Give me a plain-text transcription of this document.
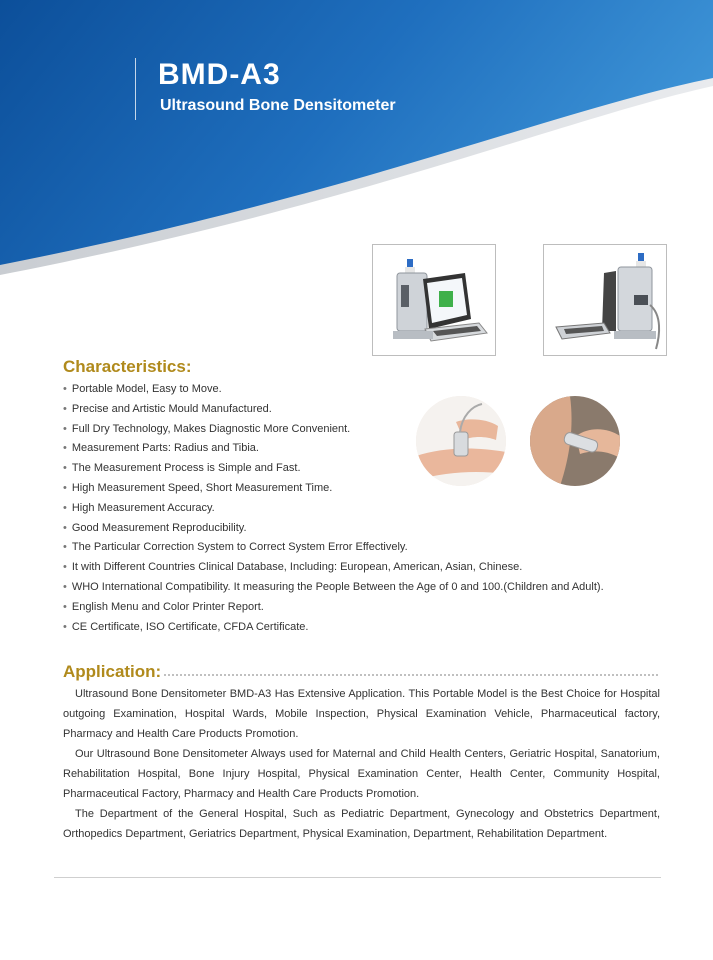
BMD-A3
Ultrasound Bone Densitometer
Characteristics:
• Portable Model, Easy to Move.
• Precise and Artistic Mould Manufactured.
• Full Dry Technology, Makes Diagnostic More Convenient.
• Measurement Parts: Radius and Tibia.
• The Measurement Process is Simple and Fast.
• High Measurement Speed, Short Measurement Time.
• High Measurement Accuracy.
• Good Measurement Reproducibility.
• The Particular Correction System to Correct System Error Effectively.
• It with Different Countries Clinical Database, Including: European, American, Asian, Chinese.
• WHO International Compatibility. It measuring the People Between the Age of 0 and 100.(Children and Adult).
• English Menu and Color Printer Report.
• CE Certificate, ISO Certificate, CFDA Certificate.
Application:

Ultrasound Bone Densitometer BMD-A3 Has Extensive Application. This Portable Model is the Best Choice for Hospital outgoing Examination, Hospital Wards, Mobile Inspection, Physical Examination Vehicle, Pharmaceutical factory, Pharmacy and Health Care Products Promotion.

Our Ultrasound Bone Densitometer Always used for Maternal and Child Health Centers, Geriatric Hospital, Sanatorium, Rehabilitation Hospital, Bone Injury Hospital, Physical Examination Center, Health Center, Community Hospital, Pharmaceutical Factory, Pharmacy and Health Care Products Promotion.

The Department of the General Hospital, Such as Pediatric Department, Gynecology and Obstetrics Department, Orthopedics Department, Geriatrics Department, Physical Examination, Department, Rehabilitation Department.
